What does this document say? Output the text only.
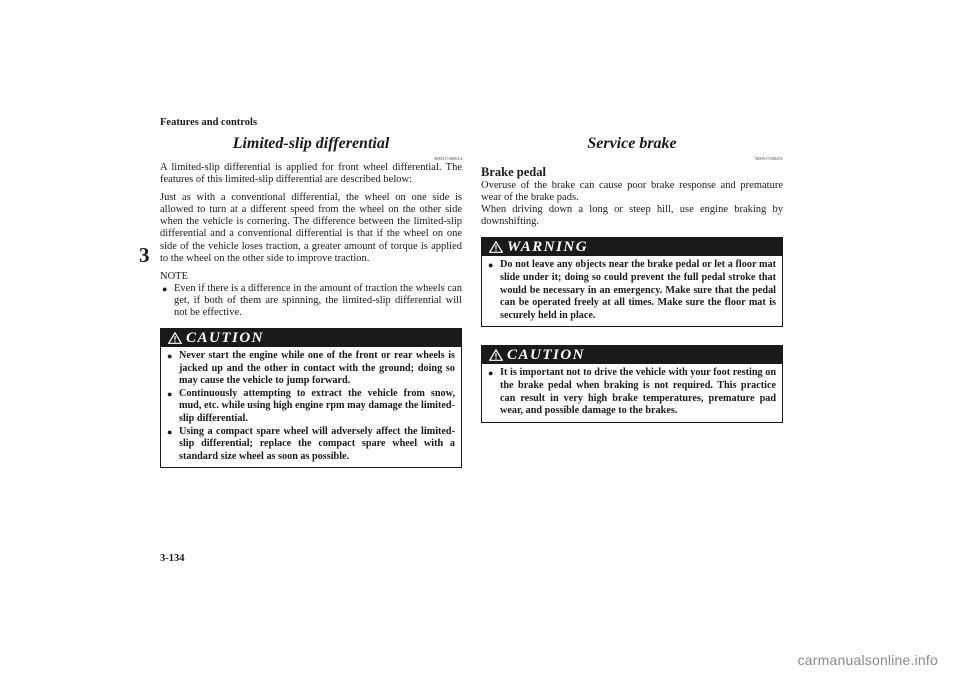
Features and controls
3
3-134
carmanualsonline.info
Limited-slip differential
N00517400014

A limited-slip differential is applied for front wheel differential. The features of this limited-slip differential are described below:

Just as with a conventional differential, the wheel on one side is allowed to turn at a different speed from the wheel on the other side when the vehicle is cornering. The difference between the limited-slip differential and a conventional differential is that if the wheel on one side of the vehicle loses traction, a greater amount of torque is applied to the wheel on the other side to improve traction.

NOTE
● Even if there is a difference in the amount of traction the wheels can get, if both of them are spinning, the limited-slip differential will not be effective.
CAUTION
● Never start the engine while one of the front or rear wheels is jacked up and the other in contact with the ground; doing so may cause the vehicle to jump forward.
● Continuously attempting to extract the vehicle from snow, mud, etc. while using high engine rpm may damage the limited-slip differential.
● Using a compact spare wheel will adversely affect the limited-slip differential; replace the compact spare wheel with a standard size wheel as soon as possible.
Service brake
N00517500291
Brake pedal

Overuse of the brake can cause poor brake response and premature wear of the brake pads.

When driving down a long or steep hill, use engine braking by downshifting.

WARNING
● Do not leave any objects near the brake pedal or let a floor mat slide under it; doing so could prevent the full pedal stroke that would be necessary in an emergency. Make sure that the pedal can be operated freely at all times. Make sure the floor mat is securely held in place.
CAUTION
● It is important not to drive the vehicle with your foot resting on the brake pedal when braking is not required. This practice can result in very high brake temperatures, premature pad wear, and possible damage to the brakes.
